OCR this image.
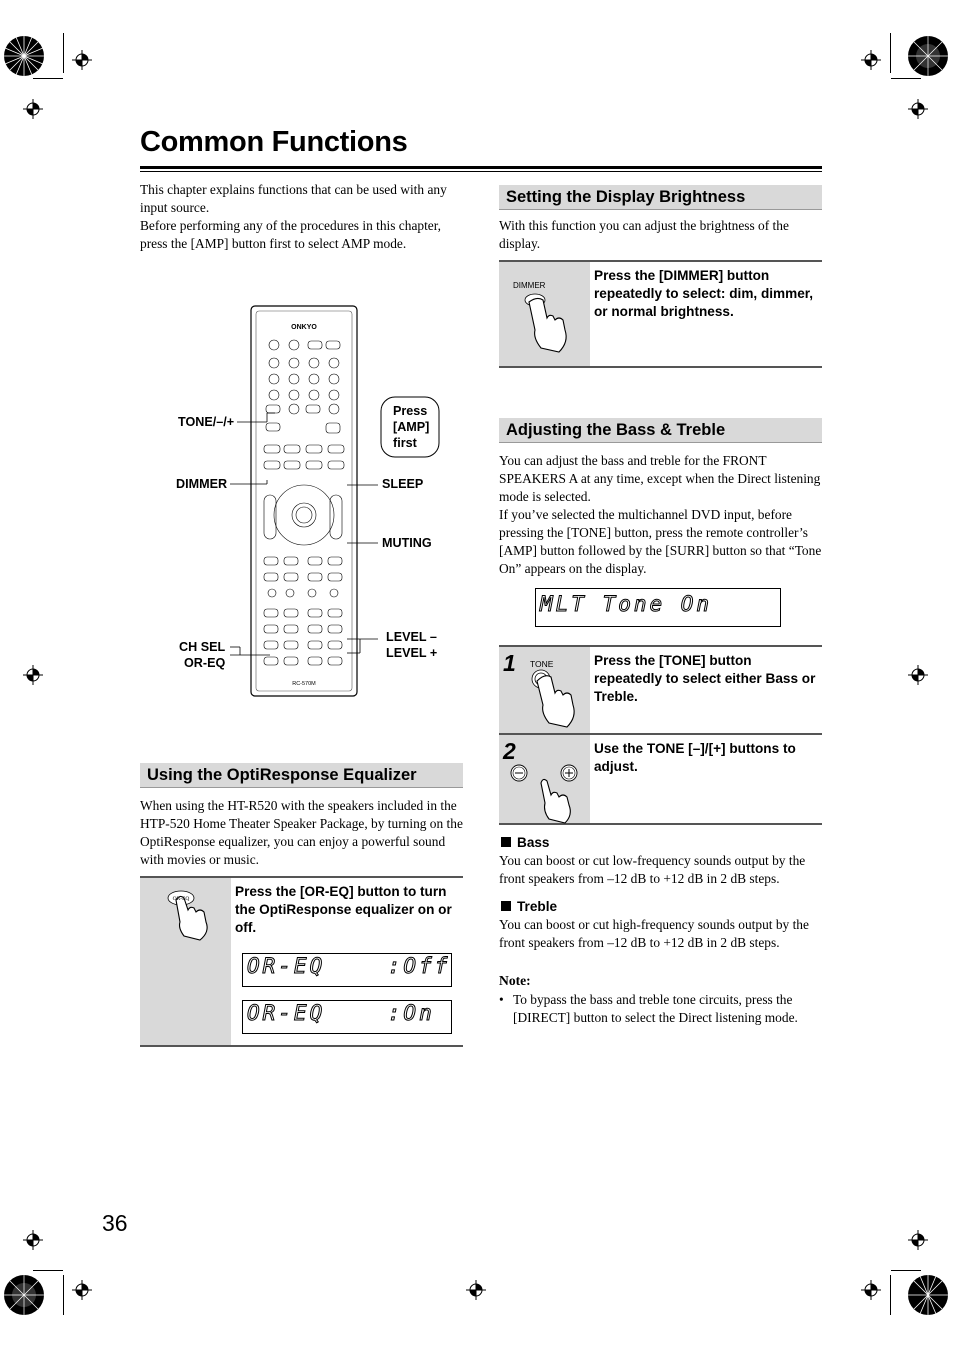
Common Functions

This chapter explains functions that can be used with any input source.

Before performing any of the procedures in this chapter, press the [AMP] button first to select AMP mode.

ONKYO
RC-570M
TONE/–/+
DIMMER
CH SEL
OR-EQ
SLEEP
MUTING
LEVEL –
LEVEL +
Press
[AMP]
first
Using the OptiResponse Equalizer

When using the HT-R520 with the speakers included in the HTP-520 Home Theater Speaker Package, by turning on the OptiResponse equalizer, you can enjoy a powerful sound with movies or music.

OR-EQ	Press the [OR-EQ] button to turn the OptiResponse equalizer on or off.

OR-EQ    :Off
OR-EQ    :On
Setting the Display Brightness

With this function you can adjust the brightness of the display.

DIMMER

Press the [DIMMER] button repeatedly to select: dim, dimmer, or normal brightness.

Adjusting the Bass & Treble

You can adjust the bass and treble for the FRONT SPEAKERS A at any time, except when the Direct listening mode is selected.

If you’ve selected the multichannel DVD input, before pressing the [TONE] button, press the remote controller’s [AMP] button followed by the [SURR] button so that “Tone On” appears on the display.

MLT Tone On
1 TONE	Press the [TONE] button repeatedly to select either Bass or Treble.

2	Use the TONE [–]/[+] buttons to adjust.

Bass

You can boost or cut low-frequency sounds output by the front speakers from –12 dB to +12 dB in 2 dB steps.

Treble

You can boost or cut high-frequency sounds output by the front speakers from –12 dB to +12 dB in 2 dB steps.

Note:
• To bypass the bass and treble tone circuits, press the [DIRECT] button to select the Direct listening mode.

36
